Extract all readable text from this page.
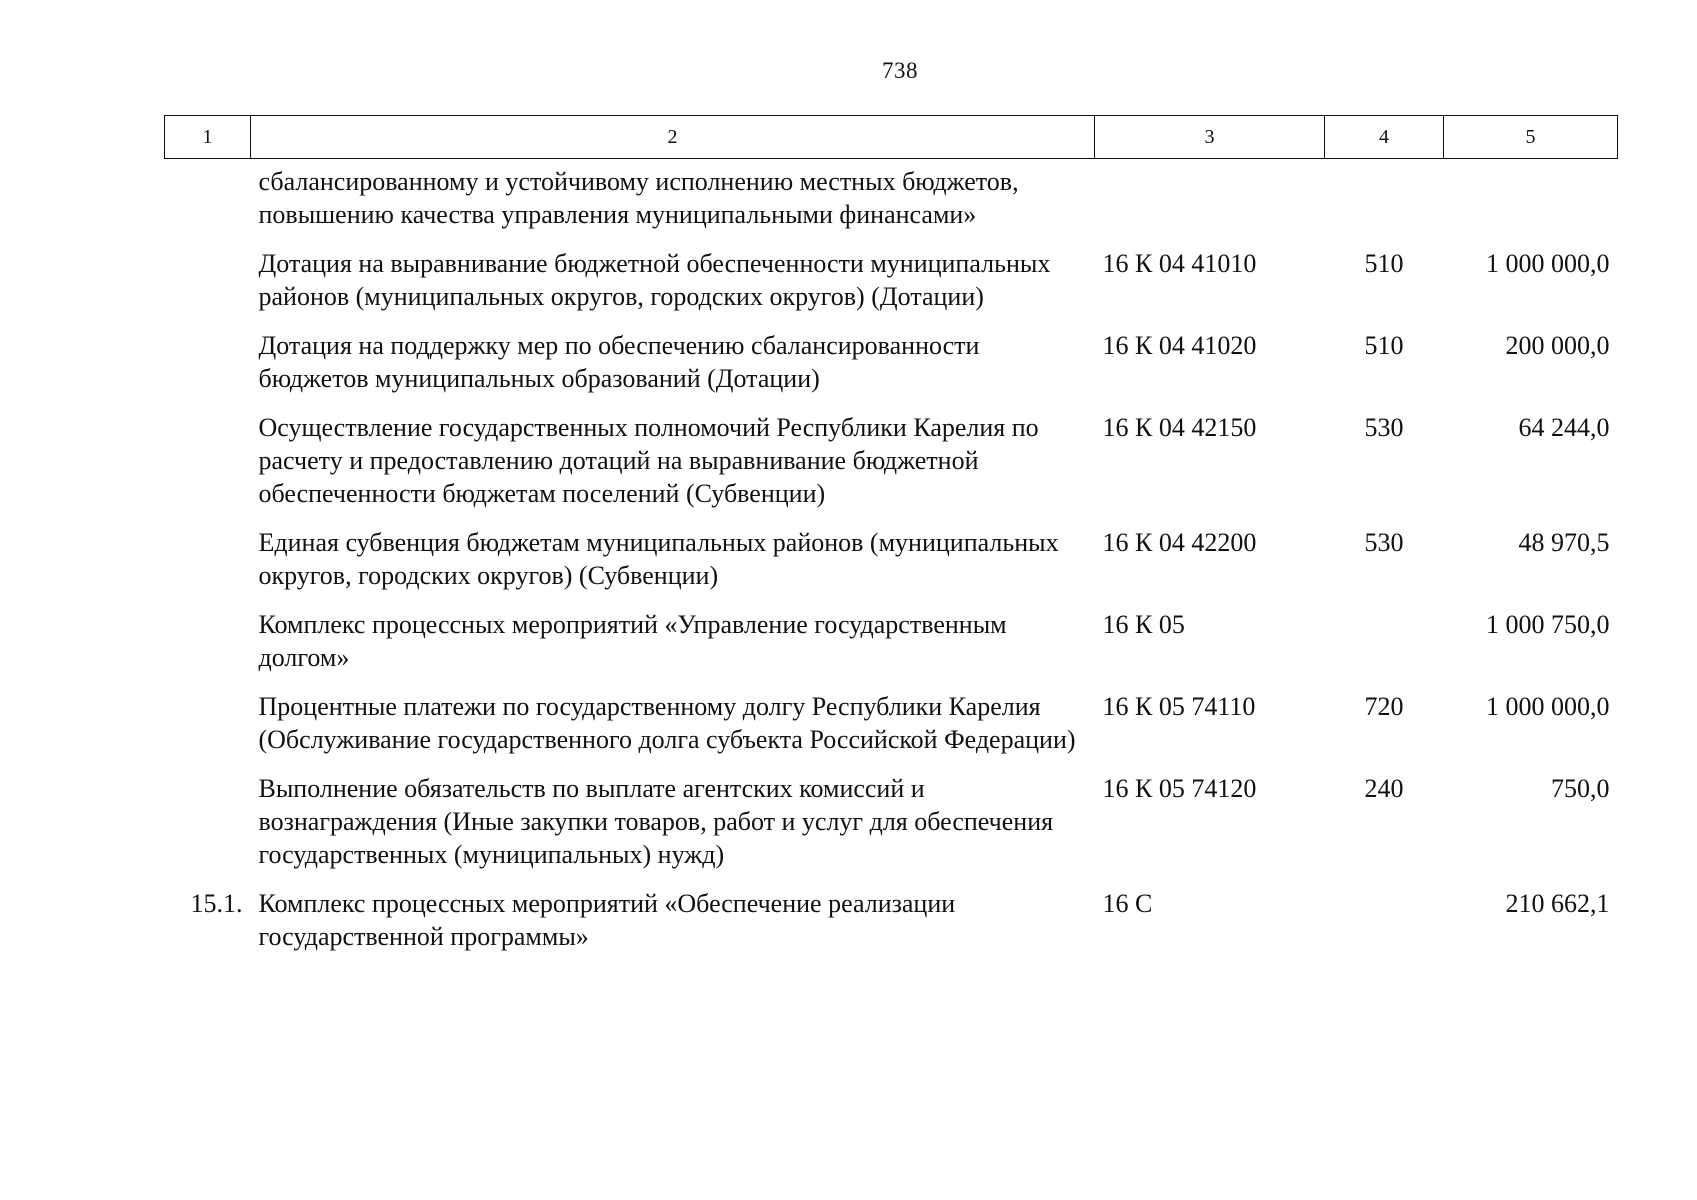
738
1	2	3	4	5
	сбалансированному и устойчивому исполнению местных бюджетов, повышению качества управления муниципальными финансами»			
	Дотация на выравнивание бюджетной обеспеченности муниципальных районов (муниципальных округов, городских округов) (Дотации)	16 К 04 41010	510	1 000 000,0
	Дотация на поддержку мер по обеспечению сбалансированности бюджетов муниципальных образований (Дотации)	16 К 04 41020	510	200 000,0
	Осуществление государственных полномочий Республики Карелия по расчету и предоставлению дотаций на выравнивание бюджетной обеспеченности бюджетам поселений (Субвенции)	16 К 04 42150	530	64 244,0
	Единая субвенция бюджетам муниципальных районов (муниципальных округов, городских округов) (Субвенции)	16 К 04 42200	530	48 970,5
	Комплекс процессных мероприятий «Управление государственным долгом»	16 К 05		1 000 750,0
	Процентные платежи по государственному долгу Республики Карелия (Обслуживание государственного долга субъекта Российской Федерации)	16 К 05 74110	720	1 000 000,0
	Выполнение обязательств по выплате агентских комиссий и вознаграждения (Иные закупки товаров, работ и услуг для обеспечения государственных (муниципальных) нужд)	16 К 05 74120	240	750,0
15.1.	Комплекс процессных мероприятий «Обеспечение реализации государственной программы»	16 С		210 662,1
